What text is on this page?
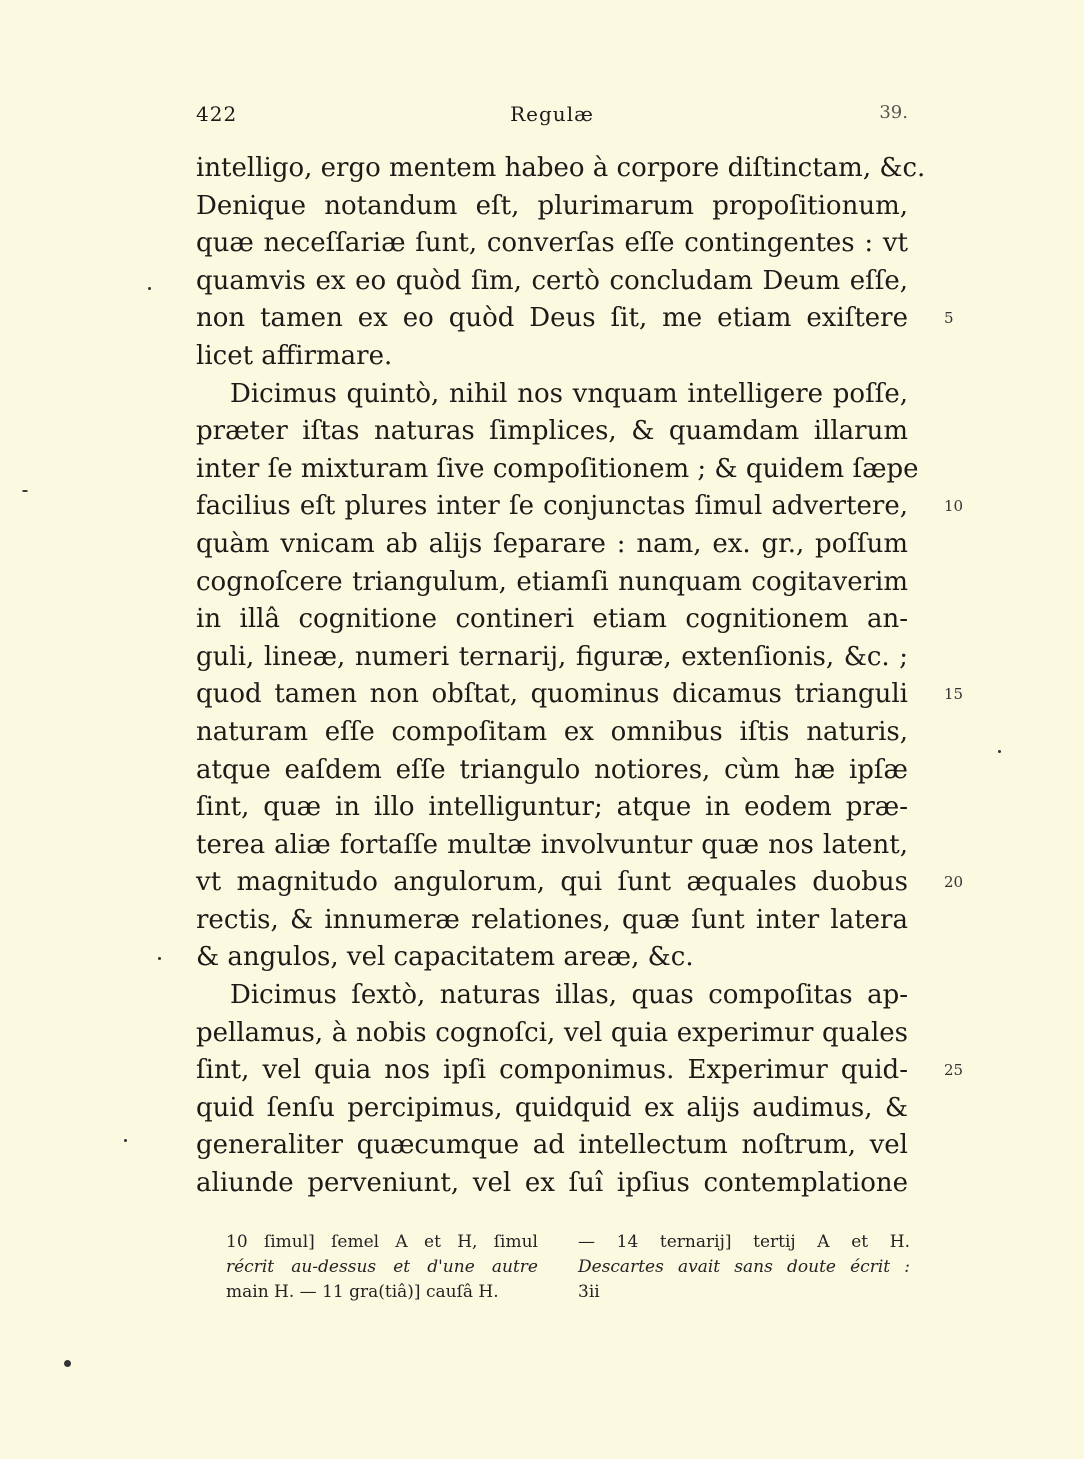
422	Regulæ	39.
intelligo, ergo mentem habeo à corpore diſtinctam, &c.
Denique notandum eſt, plurimarum propoſitionum,
quæ neceſſariæ ſunt, converſas eſſe contingentes : vt
quamvis ex eo quòd ſim, certò concludam Deum eſſe,
non tamen ex eo quòd Deus ſit, me etiam exiſtere
licet affirmare.
Dicimus quintò, nihil nos vnquam intelligere poſſe,
præter iſtas naturas ſimplices, & quamdam illarum
inter ſe mixturam ſive compoſitionem ; & quidem ſæpe
facilius eſt plures inter ſe conjunctas ſimul advertere,
quàm vnicam ab alijs ſeparare : nam, ex. gr., poſſum
cognoſcere triangulum, etiamſi nunquam cogitaverim
in illâ cognitione contineri etiam cognitionem an-
guli, lineæ, numeri ternarij, figuræ, extenſionis, &c. ;
quod tamen non obſtat, quominus dicamus trianguli
naturam eſſe compoſitam ex omnibus iſtis naturis,
atque eaſdem eſſe triangulo notiores, cùm hæ ipſæ
ſint, quæ in illo intelliguntur; atque in eodem præ-
terea aliæ fortaſſe multæ involvuntur quæ nos latent,
vt magnitudo angulorum, qui ſunt æquales duobus
rectis, & innumeræ relationes, quæ ſunt inter latera
& angulos, vel capacitatem areæ, &c.
Dicimus ſextò, naturas illas, quas compoſitas ap-
pellamus, à nobis cognoſci, vel quia experimur quales
ſint, vel quia nos ipſi componimus. Experimur quid-
quid ſenſu percipimus, quidquid ex alijs audimus, &
generaliter quæcumque ad intellectum noſtrum, vel
aliunde perveniunt, vel ex ſuî ipſius contemplatione
5
10
15
20
25
10 ſimul] ſemel A et H, ſimul
récrit au-dessus et d'une autre
main H. — 11 gra(tiâ)] cauſâ H.
— 14 ternarij] tertij A et H.
Descartes avait sans doute écrit :
3ii
